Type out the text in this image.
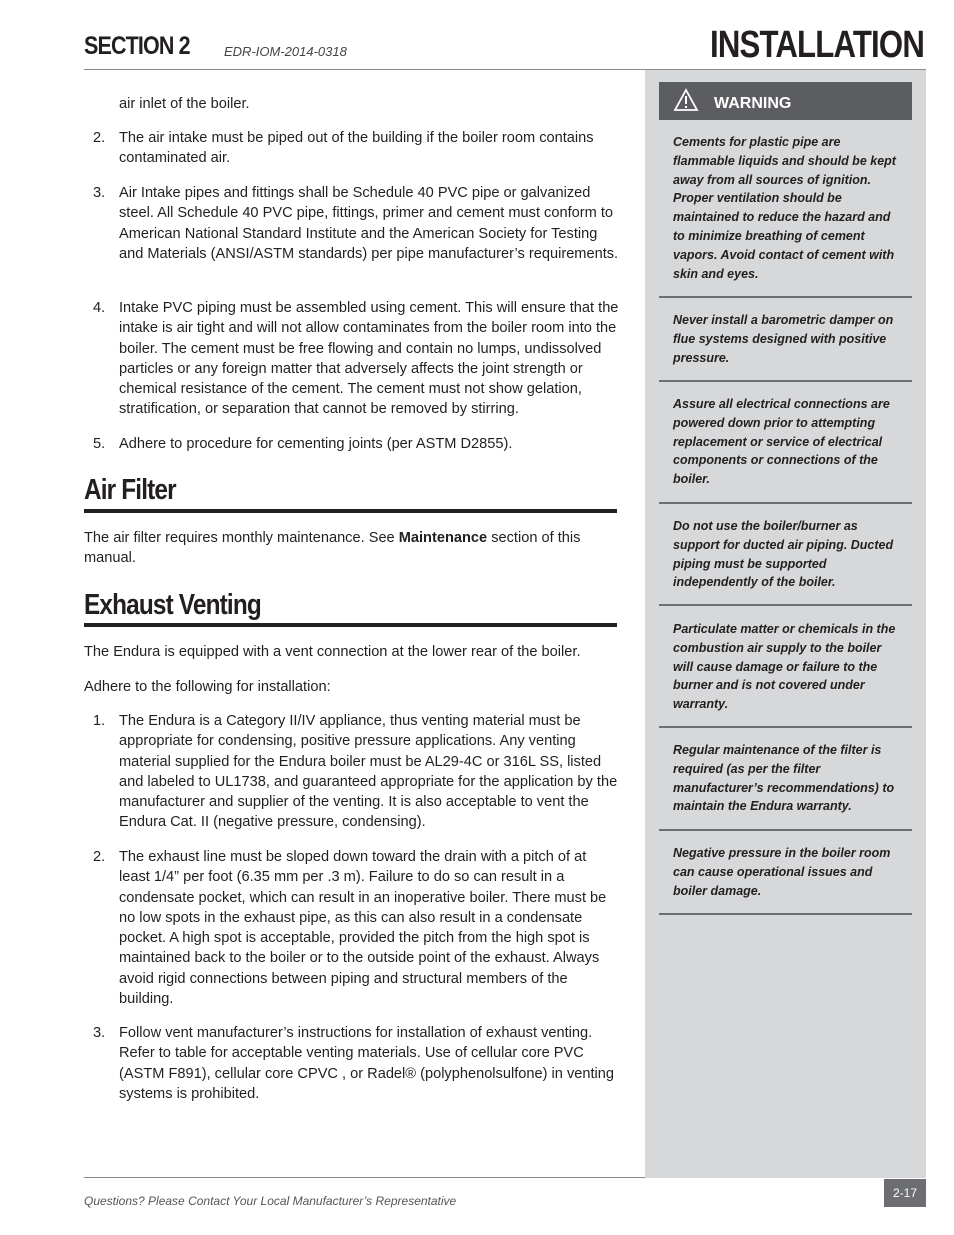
SECTION 2	EDR-IOM-2014-0318	INSTALLATION
WARNING
Cements for plastic pipe are flammable liquids and should be kept away from all sources of ignition. Proper ventilation should be maintained to reduce the hazard and to minimize breathing of cement vapors. Avoid contact of cement with skin and eyes.
Never install a barometric damper on flue systems designed with positive pressure.
Assure all electrical connections are powered down prior to attempting replacement or service of electrical components or connections of the boiler.
Do not use the boiler/burner as support for ducted air piping. Ducted piping must be supported independently of the boiler.
Particulate matter or chemicals in the combustion air supply to the boiler will cause damage or failure to the burner and is not covered under warranty.
Regular maintenance of the filter is required (as per the filter manufacturer’s recommendations) to maintain the Endura warranty.
Negative pressure in the boiler room can cause operational issues and boiler damage.
air inlet of the boiler.
2. The air intake must be piped out of the building if the boiler room contains contaminated air.
3. Air Intake pipes and fittings shall be Schedule 40 PVC pipe or galvanized steel. All Schedule 40 PVC pipe, fittings, primer and cement must conform to American National Standard Institute and the American Society for Testing and Materials (ANSI/ASTM standards) per pipe manufacturer’s requirements.
4. Intake PVC piping must be assembled using cement. This will ensure that the intake is air tight and will not allow contaminates from the boiler room into the boiler. The cement must be free flowing and contain no lumps, undissolved particles or any foreign matter that adversely affects the joint strength or chemical resistance of the cement. The cement must not show gelation, stratification, or separation that cannot be removed by stirring.
5. Adhere to procedure for cementing joints (per ASTM D2855).
Air Filter
The air filter requires monthly maintenance. See Maintenance section of this manual.
Exhaust Venting
The Endura is equipped with a vent connection at the lower rear of the boiler.
Adhere to the following for installation:
1. The Endura is a Category II/IV appliance, thus venting material must be appropriate for condensing, positive pressure applications. Any venting material supplied for the Endura boiler must be AL29-4C or 316L SS, listed and labeled to UL1738, and guaranteed appropriate for the application by the manufacturer and supplier of the venting. It is also acceptable to vent the Endura Cat. II (negative pressure, condensing).
2. The exhaust line must be sloped down toward the drain with a pitch of at least 1/4” per foot (6.35 mm per .3 m). Failure to do so can result in a condensate pocket, which can result in an inoperative boiler. There must be no low spots in the exhaust pipe, as this can also result in a condensate pocket. A high spot is acceptable, provided the pitch from the high spot is maintained back to the boiler or to the outside point of the exhaust. Always avoid rigid connections between piping and structural members of the building.
3. Follow vent manufacturer’s instructions for installation of exhaust venting. Refer to table for acceptable venting materials. Use of cellular core PVC (ASTM F891), cellular core CPVC , or Radel® (polyphenolsulfone) in venting systems is prohibited.
Questions? Please Contact Your Local Manufacturer’s Representative
2-17
